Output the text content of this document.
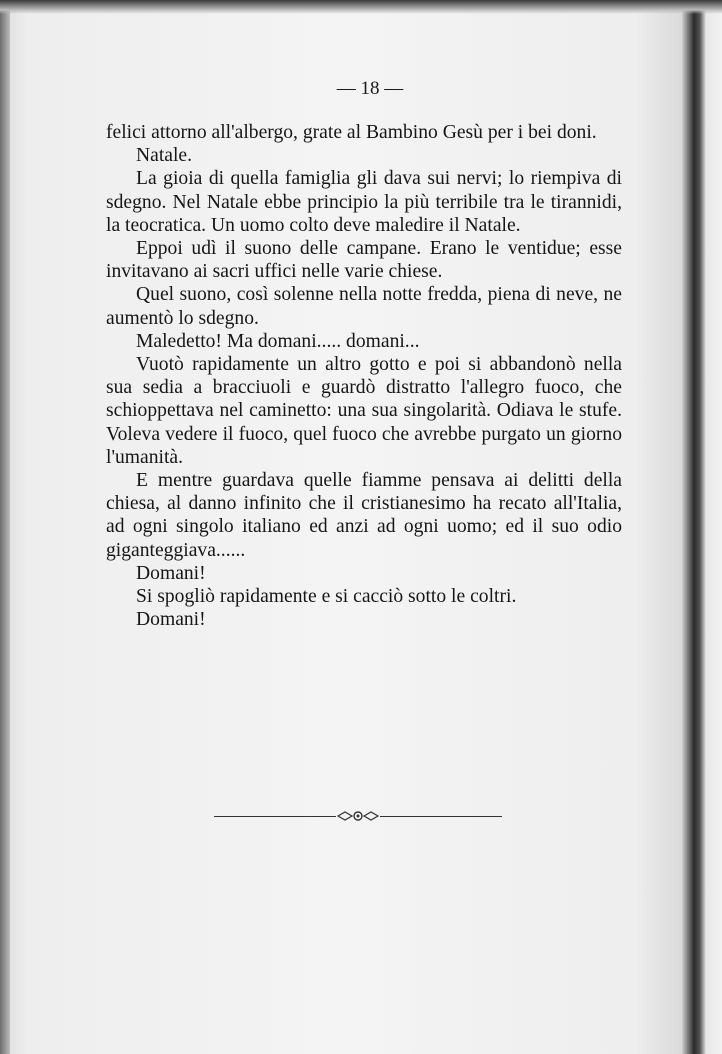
— 18 —

felici attorno all'albergo, grate al Bambino Gesù per i bei doni.

Natale.

La gioia di quella famiglia gli dava sui nervi; lo riempiva di sdegno. Nel Natale ebbe principio la più terribile tra le tirannidi, la teocratica. Un uomo colto deve maledire il Natale.

Eppoi udì il suono delle campane. Erano le ventidue; esse invitavano ai sacri uffici nelle varie chiese.

Quel suono, così solenne nella notte fredda, piena di neve, ne aumentò lo sdegno.

Maledetto! Ma domani..... domani...

Vuotò rapidamente un altro gotto e poi si abbandonò nella sua sedia a bracciuoli e guardò distratto l'allegro fuoco, che schioppettava nel caminetto: una sua singolarità. Odiava le stufe. Voleva vedere il fuoco, quel fuoco che avrebbe purgato un giorno l'umanità.

E mentre guardava quelle fiamme pensava ai delitti della chiesa, al danno infinito che il cristianesimo ha recato all'Italia, ad ogni singolo italiano ed anzi ad ogni uomo; ed il suo odio giganteggiava......

Domani!

Si spogliò rapidamente e si cacciò sotto le coltri.

Domani!
